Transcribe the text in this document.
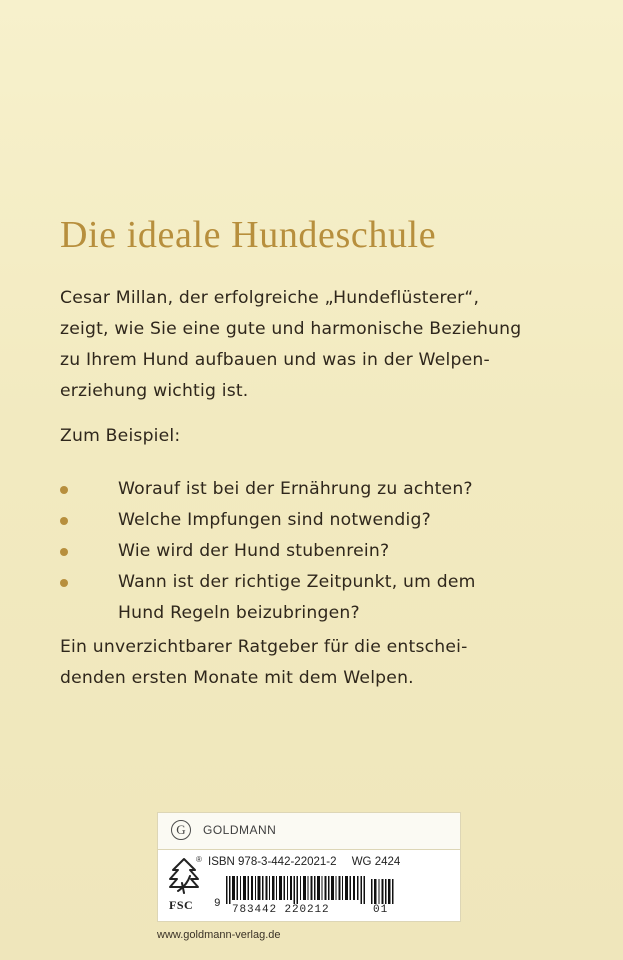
Die ideale Hundeschule
Cesar Millan, der erfolgreiche „Hundeflüsterer“,
zeigt, wie Sie eine gute und harmonische Beziehung
zu Ihrem Hund aufbauen und was in der Welpen-
erziehung wichtig ist.
Zum Beispiel:
Worauf ist bei der Ernährung zu achten?
Welche Impfungen sind notwendig?
Wie wird der Hund stubenrein?
Wann ist der richtige Zeitpunkt, um dem
Hund Regeln beizubringen?
Ein unverzichtbarer Ratgeber für die entschei-
denden ersten Monate mit dem Welpen.
G	GOLDMANN
®
FSC
ISBN 978-3-442-22021-2 WG 2424
9 783442 220212	01
www.goldmann-verlag.de
